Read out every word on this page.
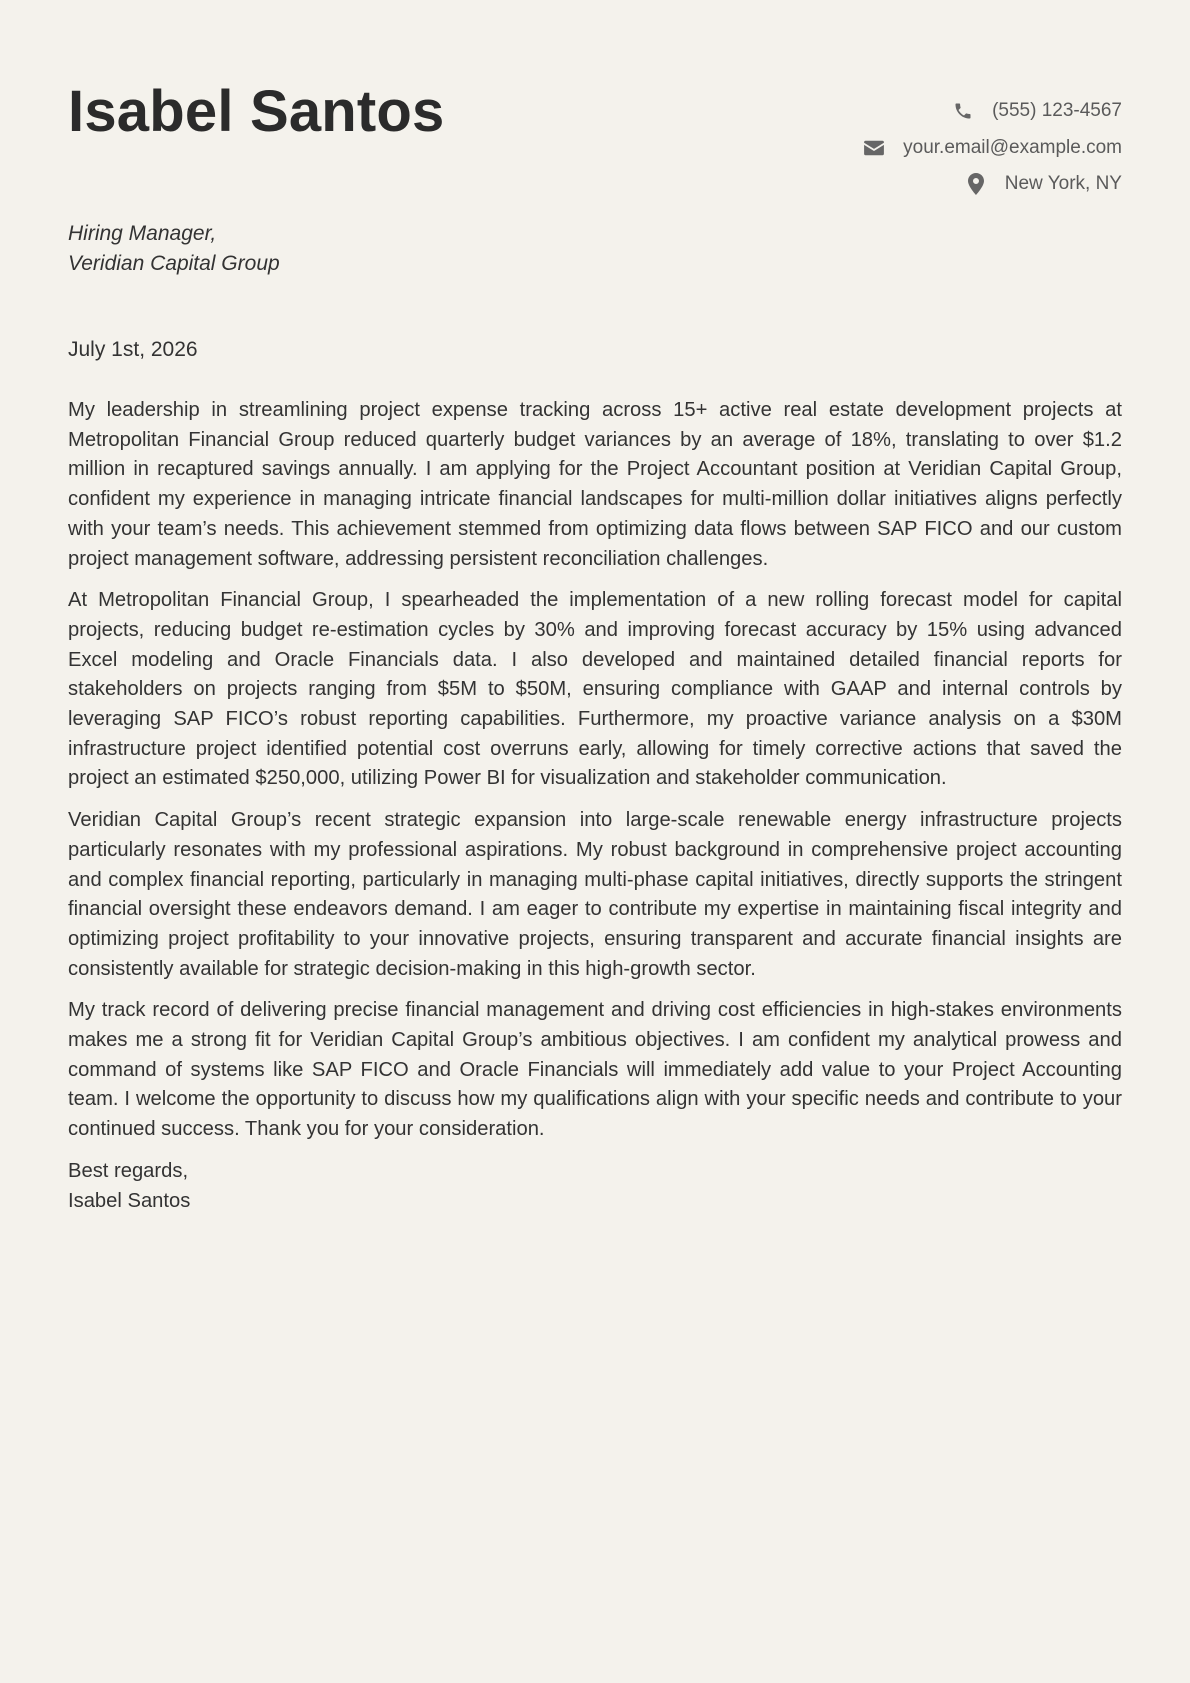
Isabel Santos	(555) 123-4567
your.email@example.com
New York, NY
Hiring Manager,
Veridian Capital Group
July 1st, 2026

My leadership in streamlining project expense tracking across 15+ active real estate development projects at Metropolitan Financial Group reduced quarterly budget variances by an average of 18%, translating to over $1.2 million in recaptured savings annually. I am applying for the Project Accountant position at Veridian Capital Group, confident my experience in managing intricate financial landscapes for multi-million dollar initiatives aligns perfectly with your team’s needs. This achievement stemmed from optimizing data flows between SAP FICO and our custom project management software, addressing persistent reconciliation challenges.

At Metropolitan Financial Group, I spearheaded the implementation of a new rolling forecast model for capital projects, reducing budget re-estimation cycles by 30% and improving forecast accuracy by 15% using advanced Excel modeling and Oracle Financials data. I also developed and maintained detailed financial reports for stakeholders on projects ranging from $5M to $50M, ensuring compliance with GAAP and internal controls by leveraging SAP FICO’s robust reporting capabilities. Furthermore, my proactive variance analysis on a $30M infrastructure project identified potential cost overruns early, allowing for timely corrective actions that saved the project an estimated $250,000, utilizing Power BI for visualization and stakeholder communication.

Veridian Capital Group’s recent strategic expansion into large-scale renewable energy infrastructure projects particularly resonates with my professional aspirations. My robust background in comprehensive project accounting and complex financial reporting, particularly in managing multi-phase capital initiatives, directly supports the stringent financial oversight these endeavors demand. I am eager to contribute my expertise in maintaining fiscal integrity and optimizing project profitability to your innovative projects, ensuring transparent and accurate financial insights are consistently available for strategic decision-making in this high-growth sector.

My track record of delivering precise financial management and driving cost efficiencies in high-stakes environments makes me a strong fit for Veridian Capital Group’s ambitious objectives. I am confident my analytical prowess and command of systems like SAP FICO and Oracle Financials will immediately add value to your Project Accounting team. I welcome the opportunity to discuss how my qualifications align with your specific needs and contribute to your continued success. Thank you for your consideration.

Best regards,
Isabel Santos
